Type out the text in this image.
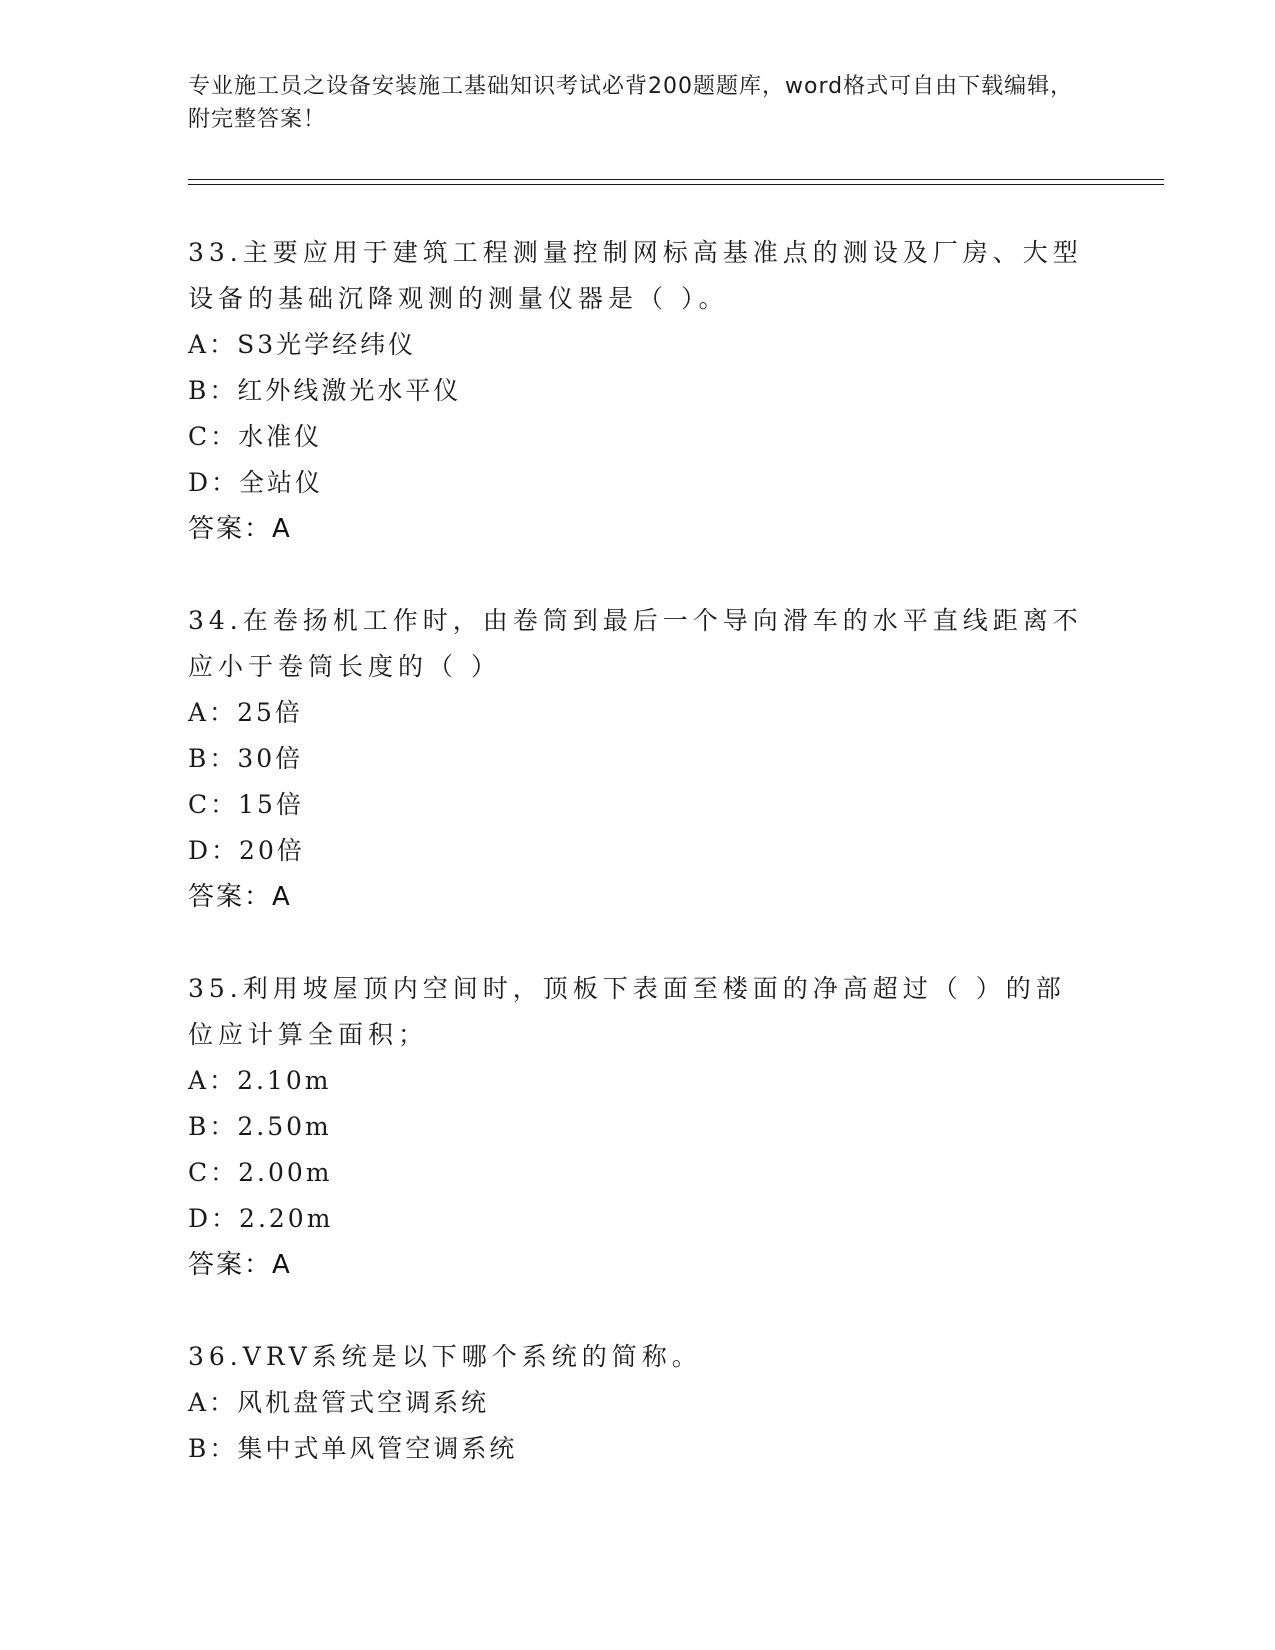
专业施工员之设备安装施工基础知识考试必背200题题库，word格式可自由下载编辑，附完整答案！

33.主要应用于建筑工程测量控制网标高基准点的测设及厂房、大型设备的基础沉降观测的测量仪器是（ ）。

A： S3光学经纬仪

B： 红外线激光水平仪

C： 水准仪

D： 全站仪

答案：A

34.在卷扬机工作时，由卷筒到最后一个导向滑车的水平直线距离不应小于卷筒长度的（ ）

A： 25倍

B： 30倍

C： 15倍

D： 20倍

答案：A

35.利用坡屋顶内空间时，顶板下表面至楼面的净高超过（ ）的部位应计算全面积；

A： 2.10m

B： 2.50m

C： 2.00m

D： 2.20m

答案：A

36.VRV系统是以下哪个系统的简称。

A： 风机盘管式空调系统

B： 集中式单风管空调系统
